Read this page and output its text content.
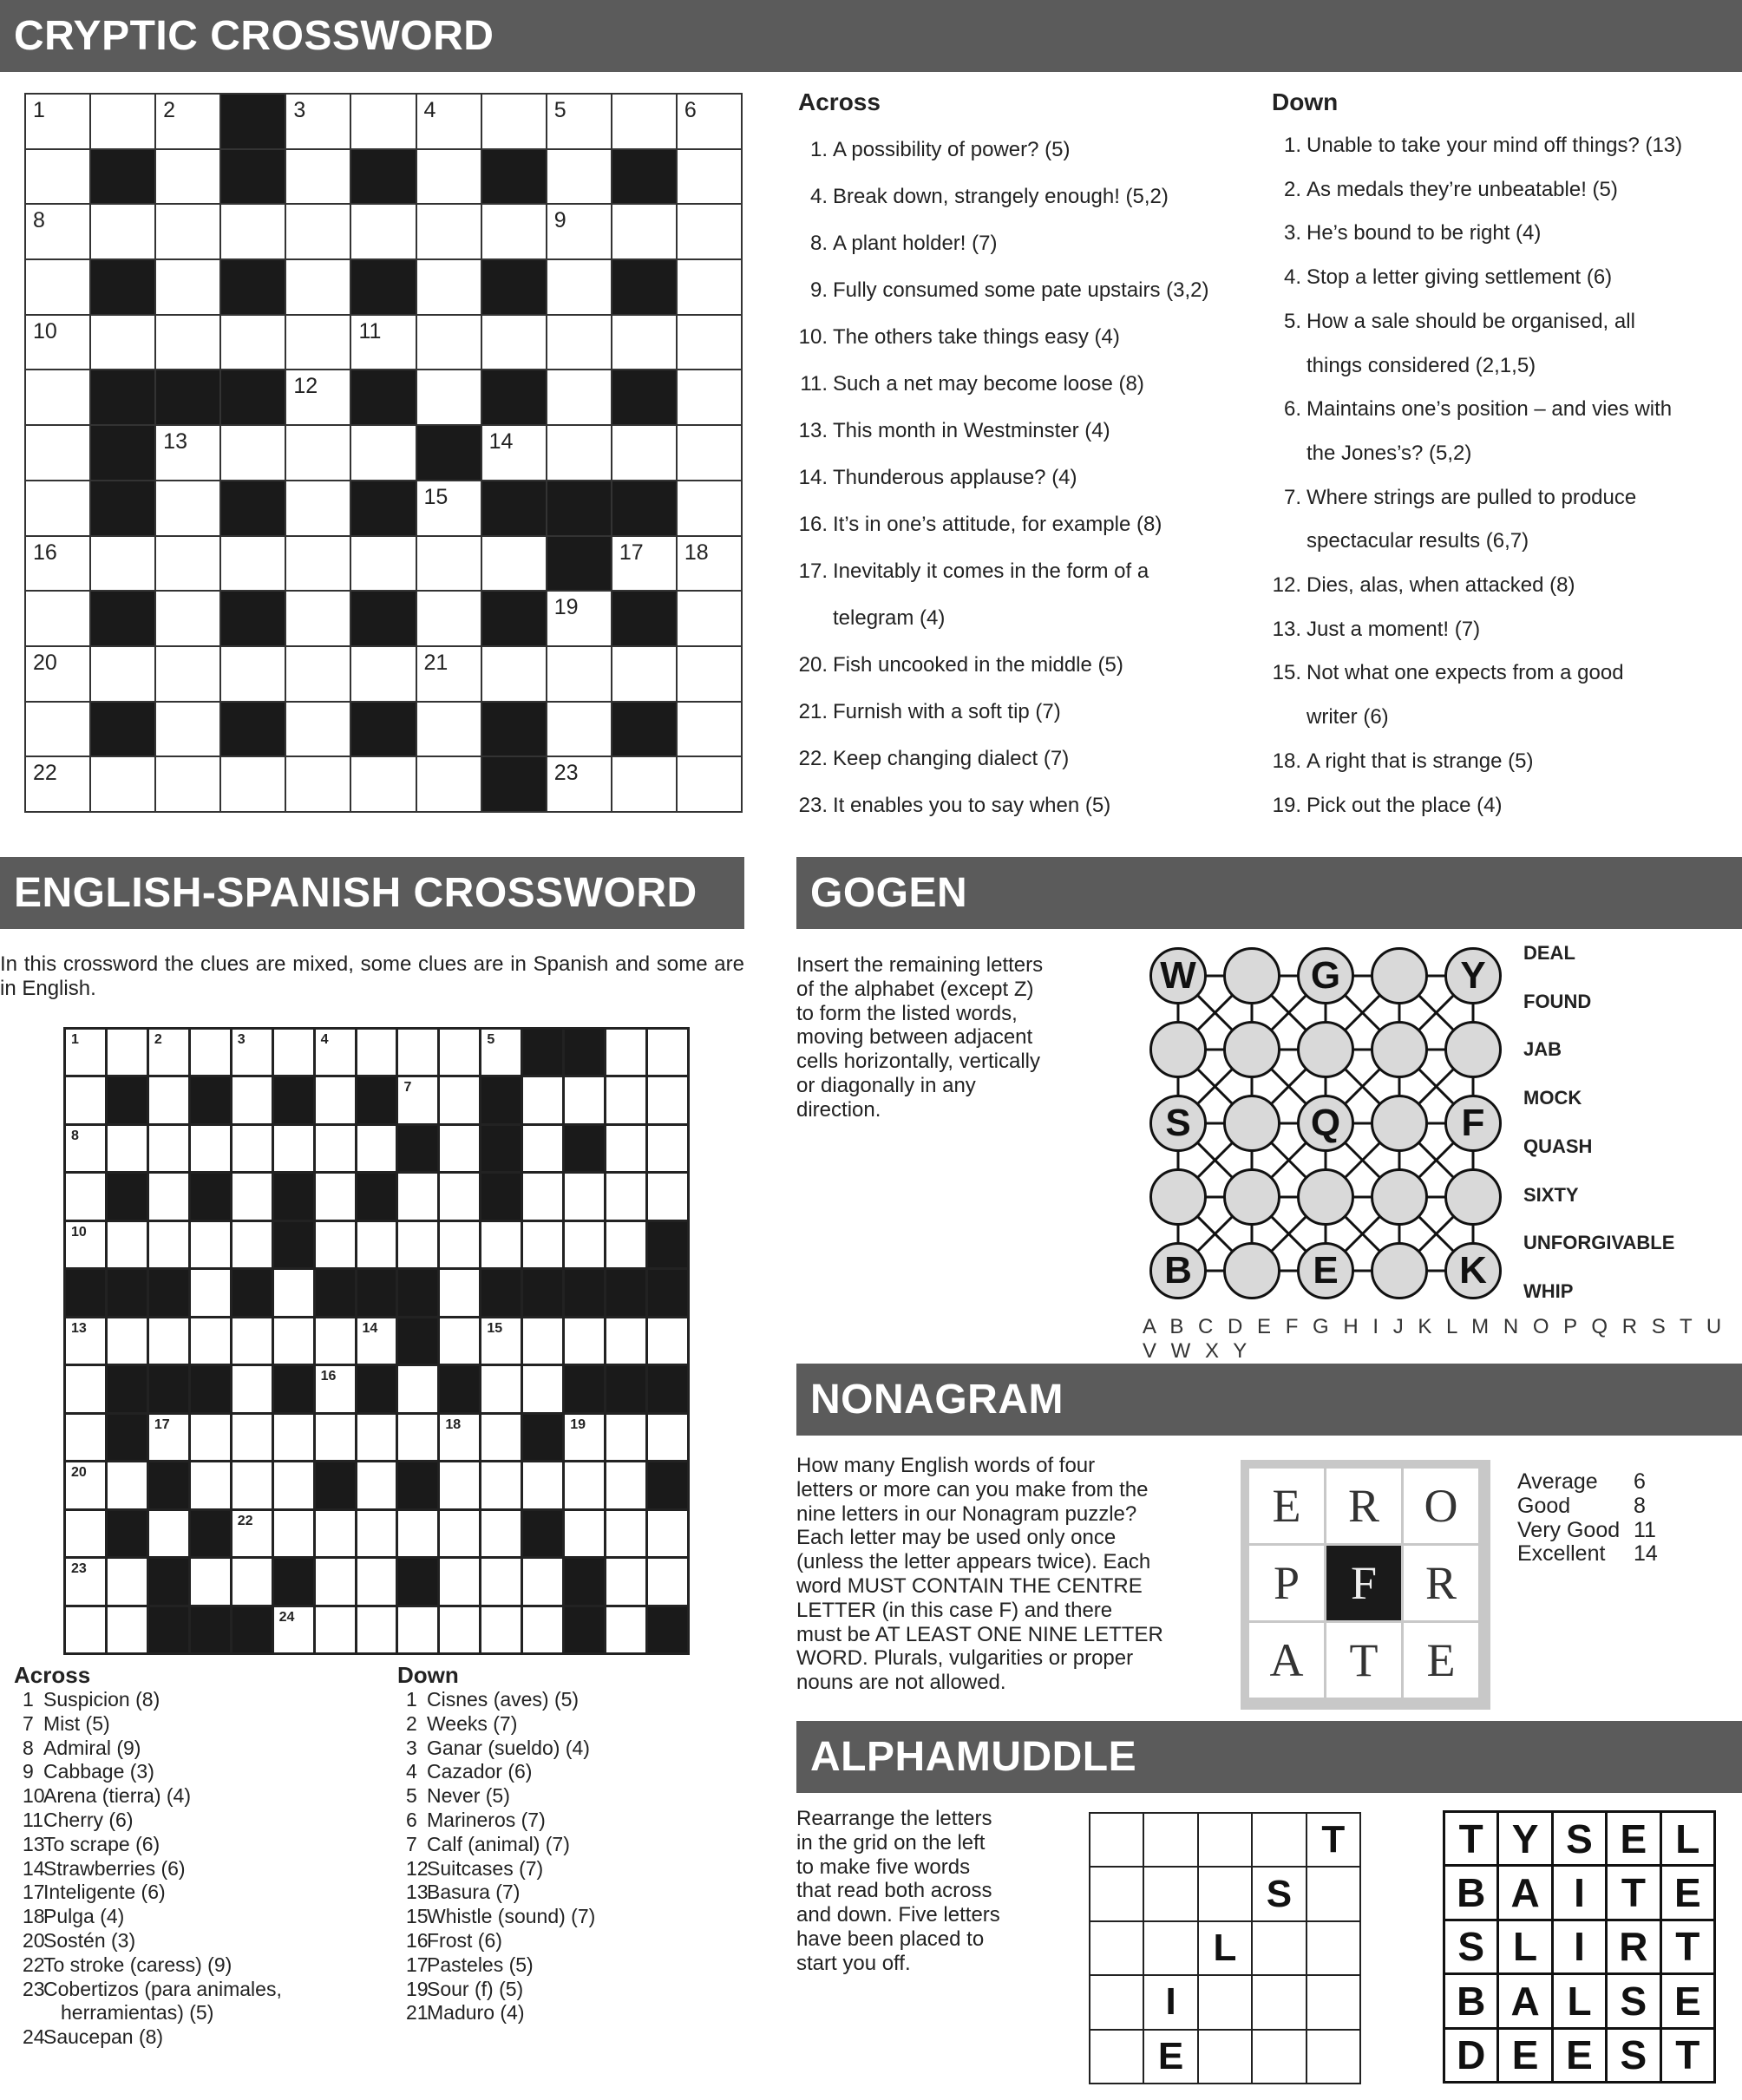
CRYPTIC CROSSWORD
ENGLISH-SPANISH CROSSWORD	GOGEN
NONAGRAM
ALPHAMUDDLE
1	2	3	4	5	6
8	9
10	11
12
13	14
15
16	17 18
19
20	21
22	23
Across
1. A possibility of power? (5)
4. Break down, strangely enough! (5,2)
8. A plant holder! (7)
9. Fully consumed some pate upstairs (3,2)
10. The others take things easy (4)
11. Such a net may become loose (8)
13. This month in Westminster (4)
14. Thunderous applause? (4)
16. It’s in one’s attitude, for example (8)
17. Inevitably it comes in the form of a
telegram (4)
20. Fish uncooked in the middle (5)
21. Furnish with a soft tip (7)
22. Keep changing dialect (7)
23. It enables you to say when (5)
Down
1. Unable to take your mind off things? (13)
2. As medals they’re unbeatable! (5)
3. He’s bound to be right (4)
4. Stop a letter giving settlement (6)
5. How a sale should be organised, all
things considered (2,1,5)
6. Maintains one’s position – and vies with
the Jones’s? (5,2)
7. Where strings are pulled to produce
spectacular results (6,7)
12. Dies, alas, when attacked (8)
13. Just a moment! (7)
15. Not what one expects from a good
writer (6)
18. A right that is strange (5)
19. Pick out the place (4)
In this crossword the clues are mixed, some clues are in Spanish and some are in English.
1	2	3	4	5
7
8
10
13	14	15
16
17	18	19
20
22
23
24
Across
1 Suspicion (8)
7 Mist (5)
8 Admiral (9)
9 Cabbage (3)
10
Arena (tierra) (4)
11 Cherry (6)
13
To scrape (6)
14
Strawberries (6)
17
Inteligente (6)
18
Pulga (4)
20
Sostén (3)
22
To stroke (caress) (9)
23
Cobertizos (para animales,
herramientas) (5)
24
Saucepan (8)
Down
1 Cisnes (aves) (5)
2 Weeks (7)
3 Ganar (sueldo) (4)
4 Cazador (6)
5 Never (5)
6 Marineros (7)
7 Calf (animal) (7)
12
Suitcases (7)
13
Basura (7)
15
Whistle (sound) (7)
16
Frost (6)
17
Pasteles (5)
19
Sour (f) (5)
21
Maduro (4)
Insert the remaining letters
of the alphabet (except Z)
to form the listed words,
moving between adjacent
cells horizontally, vertically
or diagonally in any
direction.
W	G	Y
S	Q	F
B	E	K
DEAL
FOUND
JAB
MOCK
QUASH
SIXTY
UNFORGIVABLE
WHIP
A B C D E F G H I J K L M N O P Q R S T U V W X Y
How many English words of four
letters or more can you make from the
nine letters in our Nonagram puzzle?
Each letter may be used only once
(unless the letter appears twice). Each
word MUST CONTAIN THE CENTRE
LETTER (in this case F) and there
must be AT LEAST ONE NINE LETTER
WORD. Plurals, vulgarities or proper
nouns are not allowed.
E	R O
P	F	R
A T	E
Average	6
Good	8
Very Good 11
Excellent	14
Rearrange the letters
in the grid on the left
to make five words
that read both across
and down. Five letters
have been placed to
start you off.
T
S
L
I
E
T Y S E L
B A I T E
S L I R T
B A L S E
D E E S T
